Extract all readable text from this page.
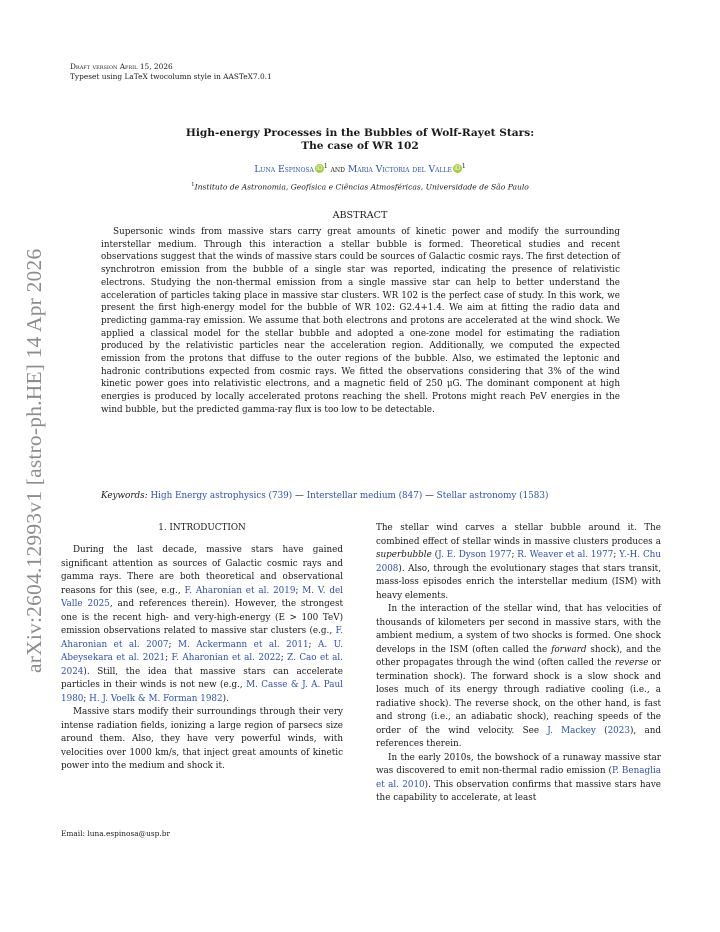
arXiv:2604.12993v1 [astro-ph.HE] 14 Apr 2026
Draft version April 15, 2026
Typeset using LaTeX twocolumn style in AASTeX7.0.1
High-energy Processes in the Bubbles of Wolf-Rayet Stars:
The case of WR 102
Luna Espinosa $iD^1$ and Maria Victoria del Valle $iD^1$
$^1$Instituto de Astronomia, Geofísica e Ciências Atmosféricas, Universidade de São Paulo
ABSTRACT
Supersonic winds from massive stars carry great amounts of kinetic power and modify the surrounding interstellar medium. Through this interaction a stellar bubble is formed. Theoretical studies and recent observations suggest that the winds of massive stars could be sources of Galactic cosmic rays. The first detection of synchrotron emission from the bubble of a single star was reported, indicating the presence of relativistic electrons. Studying the non-thermal emission from a single massive star can help to better understand the acceleration of particles taking place in massive star clusters. WR 102 is the perfect case of study. In this work, we present the first high-energy model for the bubble of WR 102: G2.4+1.4. We aim at fitting the radio data and predicting gamma-ray emission. We assume that both electrons and protons are accelerated at the wind shock. We applied a classical model for the stellar bubble and adopted a one-zone model for estimating the radiation produced by the relativistic particles near the acceleration region. Additionally, we computed the expected emission from the protons that diffuse to the outer regions of the bubble. Also, we estimated the leptonic and hadronic contributions expected from cosmic rays. We fitted the observations considering that 3% of the wind kinetic power goes into relativistic electrons, and a magnetic field of 250 μG. The dominant component at high energies is produced by locally accelerated protons reaching the shell. Protons might reach PeV energies in the wind bubble, but the predicted gamma-ray flux is too low to be detectable.
Keywords: High Energy astrophysics (739) — Interstellar medium (847) — Stellar astronomy (1583)
1. INTRODUCTION

During the last decade, massive stars have gained significant attention as sources of Galactic cosmic rays and gamma rays. There are both theoretical and observational reasons for this (see, e.g., F. Aharonian et al. 2019; M. V. del Valle 2025, and references therein). However, the strongest one is the recent high- and very-high-energy (E > 100 TeV) emission observations related to massive star clusters (e.g., F. Aharonian et al. 2007; M. Ackermann et al. 2011; A. U. Abeysekara et al. 2021; F. Aharonian et al. 2022; Z. Cao et al. 2024). Still, the idea that massive stars can accelerate particles in their winds is not new (e.g., M. Casse & J. A. Paul 1980; H. J. Voelk & M. Forman 1982).

Massive stars modify their surroundings through their very intense radiation fields, ionizing a large region of parsecs size around them. Also, they have very powerful winds, with velocities over 1000 km/s, that inject great amounts of kinetic power into the medium and shock it.

The stellar wind carves a stellar bubble around it. The combined effect of stellar winds in massive clusters produces a superbubble (J. E. Dyson 1977; R. Weaver et al. 1977; Y.-H. Chu 2008). Also, through the evolutionary stages that stars transit, mass-loss episodes enrich the interstellar medium (ISM) with heavy elements.

In the interaction of the stellar wind, that has velocities of thousands of kilometers per second in massive stars, with the ambient medium, a system of two shocks is formed. One shock develops in the ISM (often called the forward shock), and the other propagates through the wind (often called the reverse or termination shock). The forward shock is a slow shock and loses much of its energy through radiative cooling (i.e., a radiative shock). The reverse shock, on the other hand, is fast and strong (i.e., an adiabatic shock), reaching speeds of the order of the wind velocity. See J. Mackey (2023), and references therein.

In the early 2010s, the bowshock of a runaway massive star was discovered to emit non-thermal radio emission (P. Benaglia et al. 2010). This observation confirms that massive stars have the capability to accelerate, at least

Email: luna.espinosa@usp.br
